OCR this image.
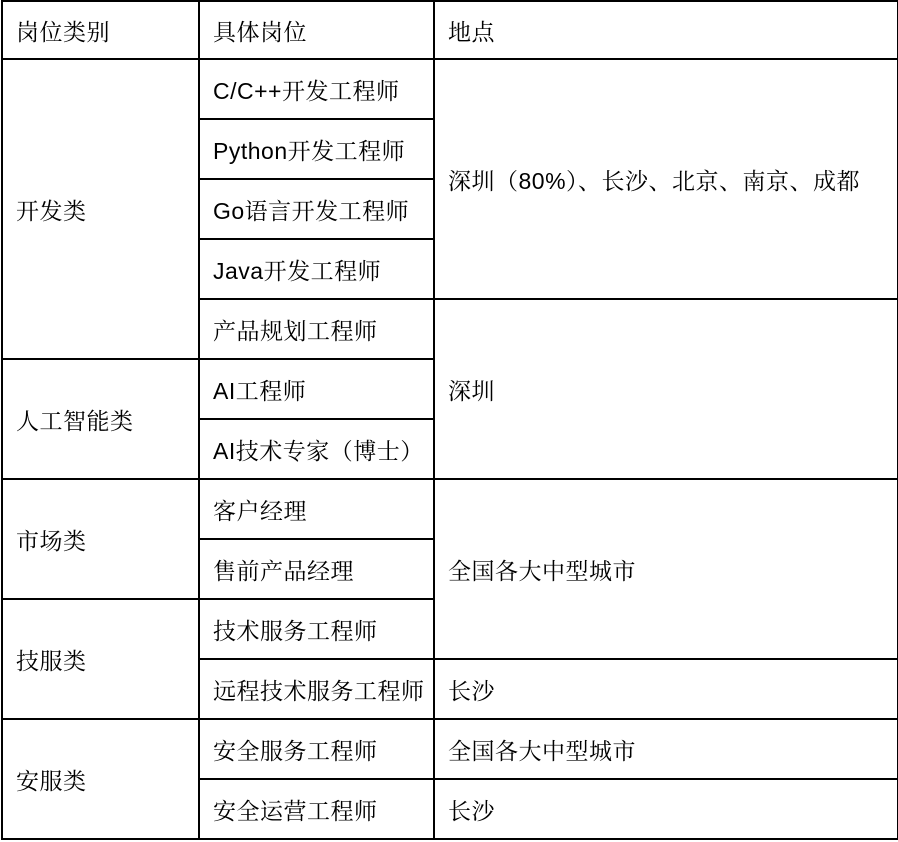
岗位类别	具体岗位	地点
开发类	C/C++开发工程师	深圳（80%）、长沙、北京、南京、成都
	Python开发工程师	
	Go语言开发工程师	
	Java开发工程师	
	产品规划工程师	深圳
人工智能类	AI工程师	
	AI技术专家（博士）	
市场类	客户经理	全国各大中型城市
	售前产品经理	
技服类	技术服务工程师	
	远程技术服务工程师	长沙
安服类	安全服务工程师	全国各大中型城市
	安全运营工程师	长沙
